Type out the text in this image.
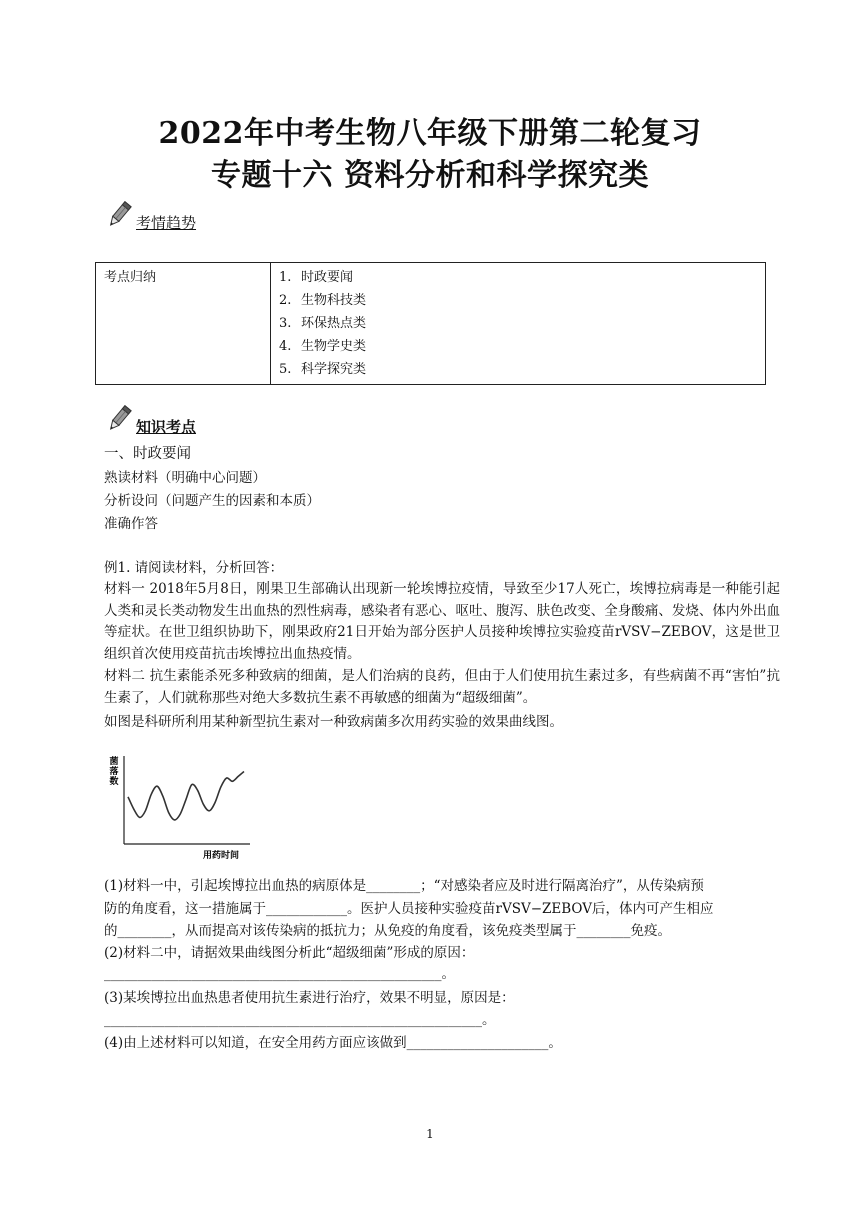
2022年中考生物八年级下册第二轮复习
专题十六 资料分析和科学探究类
考情趋势
考点归纳	1. 时政要闻
2. 生物科技类
3. 环保热点类
4. 生物学史类
5. 科学探究类
知识考点
一、时政要闻
熟读材料（明确中心问题）
分析设问（问题产生的因素和本质）
准确作答
例1. 请阅读材料，分析回答：
材料一 2018年5月8日，刚果卫生部确认出现新一轮埃博拉疫情，导致至少17人死亡，埃博拉病毒是一种能引起人类和灵长类动物发生出血热的烈性病毒，感染者有恶心、呕吐、腹泻、肤色改变、全身酸痛、发烧、体内外出血等症状。在世卫组织协助下，刚果政府21日开始为部分医护人员接种埃博拉实验疫苗rVSV−ZEBOV，这是世卫组织首次使用疫苗抗击埃博拉出血热疫情。
材料二 抗生素能杀死多种致病的细菌，是人们治病的良药，但由于人们使用抗生素过多，有些病菌不再“害怕”抗生素了，人们就称那些对绝大多数抗生素不再敏感的细菌为“超级细菌”。
如图是科研所利用某种新型抗生素对一种致病菌多次用药实验的效果曲线图。
菌落数
用药时间
(1)材料一中，引起埃博拉出血热的病原体是________；“对感染者应及时进行隔离治疗”，从传染病预
防的角度看，这一措施属于____________。医护人员接种实验疫苗rVSV−ZEBOV后，体内可产生相应
的________，从而提高对该传染病的抵抗力；从免疫的角度看，该免疫类型属于________免疫。
(2)材料二中，请据效果曲线图分析此“超级细菌”形成的原因：
__________________________________________________。
(3)某埃博拉出血热患者使用抗生素进行治疗，效果不明显，原因是：
________________________________________________________。
(4)由上述材料可以知道，在安全用药方面应该做到_____________________。
1
